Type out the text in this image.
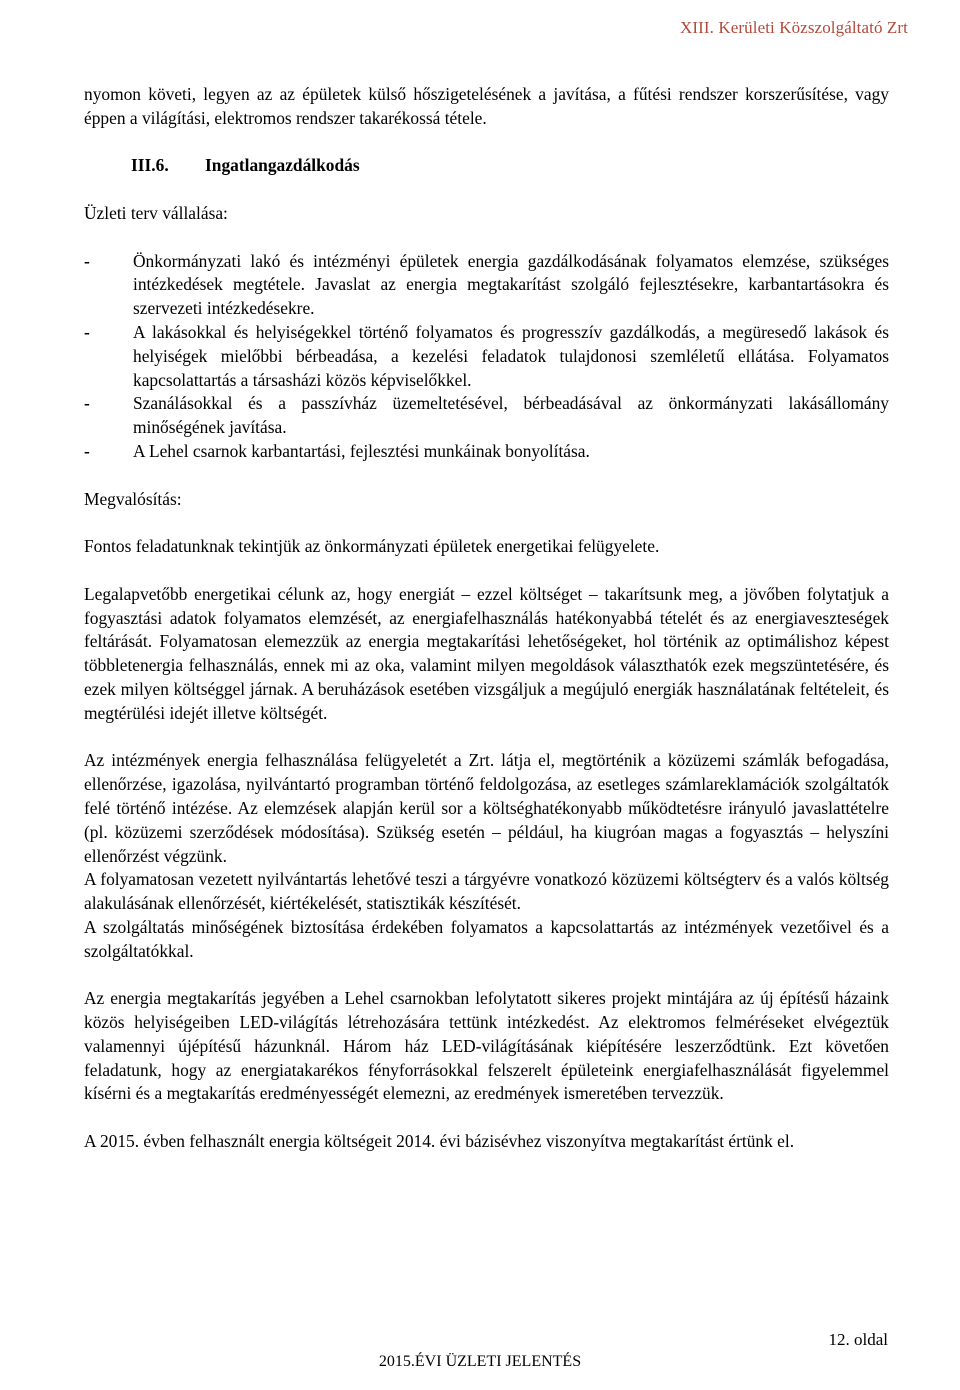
XIII. Kerületi Közszolgáltató Zrt

nyomon követi, legyen az az épületek külső hőszigetelésének a javítása, a fűtési rendszer korszerűsítése, vagy éppen a világítási, elektromos rendszer takarékossá tétele.

III.6. Ingatlangazdálkodás

Üzleti terv vállalása:

-	Önkormányzati lakó és intézményi épületek energia gazdálkodásának folyamatos elemzése, szükséges intézkedések megtétele. Javaslat az energia megtakarítást szolgáló fejlesztésekre, karbantartásokra és szervezeti intézkedésekre.
-	A lakásokkal és helyiségekkel történő folyamatos és progresszív gazdálkodás, a megüresedő lakások és helyiségek mielőbbi bérbeadása, a kezelési feladatok tulajdonosi szemléletű ellátása. Folyamatos kapcsolattartás a társasházi közös képviselőkkel.
-	Szanálásokkal és a passzívház üzemeltetésével, bérbeadásával az önkormányzati lakásállomány minőségének javítása.
-	A Lehel csarnok karbantartási, fejlesztési munkáinak bonyolítása.

Megvalósítás:

Fontos feladatunknak tekintjük az önkormányzati épületek energetikai felügyelete.

Legalapvetőbb energetikai célunk az, hogy energiát – ezzel költséget – takarítsunk meg, a jövőben folytatjuk a fogyasztási adatok folyamatos elemzését, az energiafelhasználás hatékonyabbá tételét és az energiaveszteségek feltárását. Folyamatosan elemezzük az energia megtakarítási lehetőségeket, hol történik az optimálishoz képest többletenergia felhasználás, ennek mi az oka, valamint milyen megoldások választhatók ezek megszüntetésére, és ezek milyen költséggel járnak. A beruházások esetében vizsgáljuk a megújuló energiák használatának feltételeit, és megtérülési idejét illetve költségét.

Az intézmények energia felhasználása felügyeletét a Zrt. látja el, megtörténik a közüzemi számlák befogadása, ellenőrzése, igazolása, nyilvántartó programban történő feldolgozása, az esetleges számlareklamációk szolgáltatók felé történő intézése. Az elemzések alapján kerül sor a költséghatékonyabb működtetésre irányuló javaslattételre (pl. közüzemi szerződések módosítása). Szükség esetén – például, ha kiugróan magas a fogyasztás – helyszíni ellenőrzést végzünk.

A folyamatosan vezetett nyilvántartás lehetővé teszi a tárgyévre vonatkozó közüzemi költségterv és a valós költség alakulásának ellenőrzését, kiértékelését, statisztikák készítését.

A szolgáltatás minőségének biztosítása érdekében folyamatos a kapcsolattartás az intézmények vezetőivel és a szolgáltatókkal.

Az energia megtakarítás jegyében a Lehel csarnokban lefolytatott sikeres projekt mintájára az új építésű házaink közös helyiségeiben LED-világítás létrehozására tettünk intézkedést. Az elektromos felméréseket elvégeztük valamennyi újépítésű házunknál. Három ház LED-világításának kiépítésére leszerződtünk. Ezt követően feladatunk, hogy az energiatakarékos fényforrásokkal felszerelt épületeink energiafelhasználását figyelemmel kísérni és a megtakarítás eredményességét elemezni, az eredmények ismeretében tervezzük.

A 2015. évben felhasznált energia költségeit 2014. évi bázisévhez viszonyítva megtakarítást értünk el.

12. oldal
2015.ÉVI ÜZLETI JELENTÉS
